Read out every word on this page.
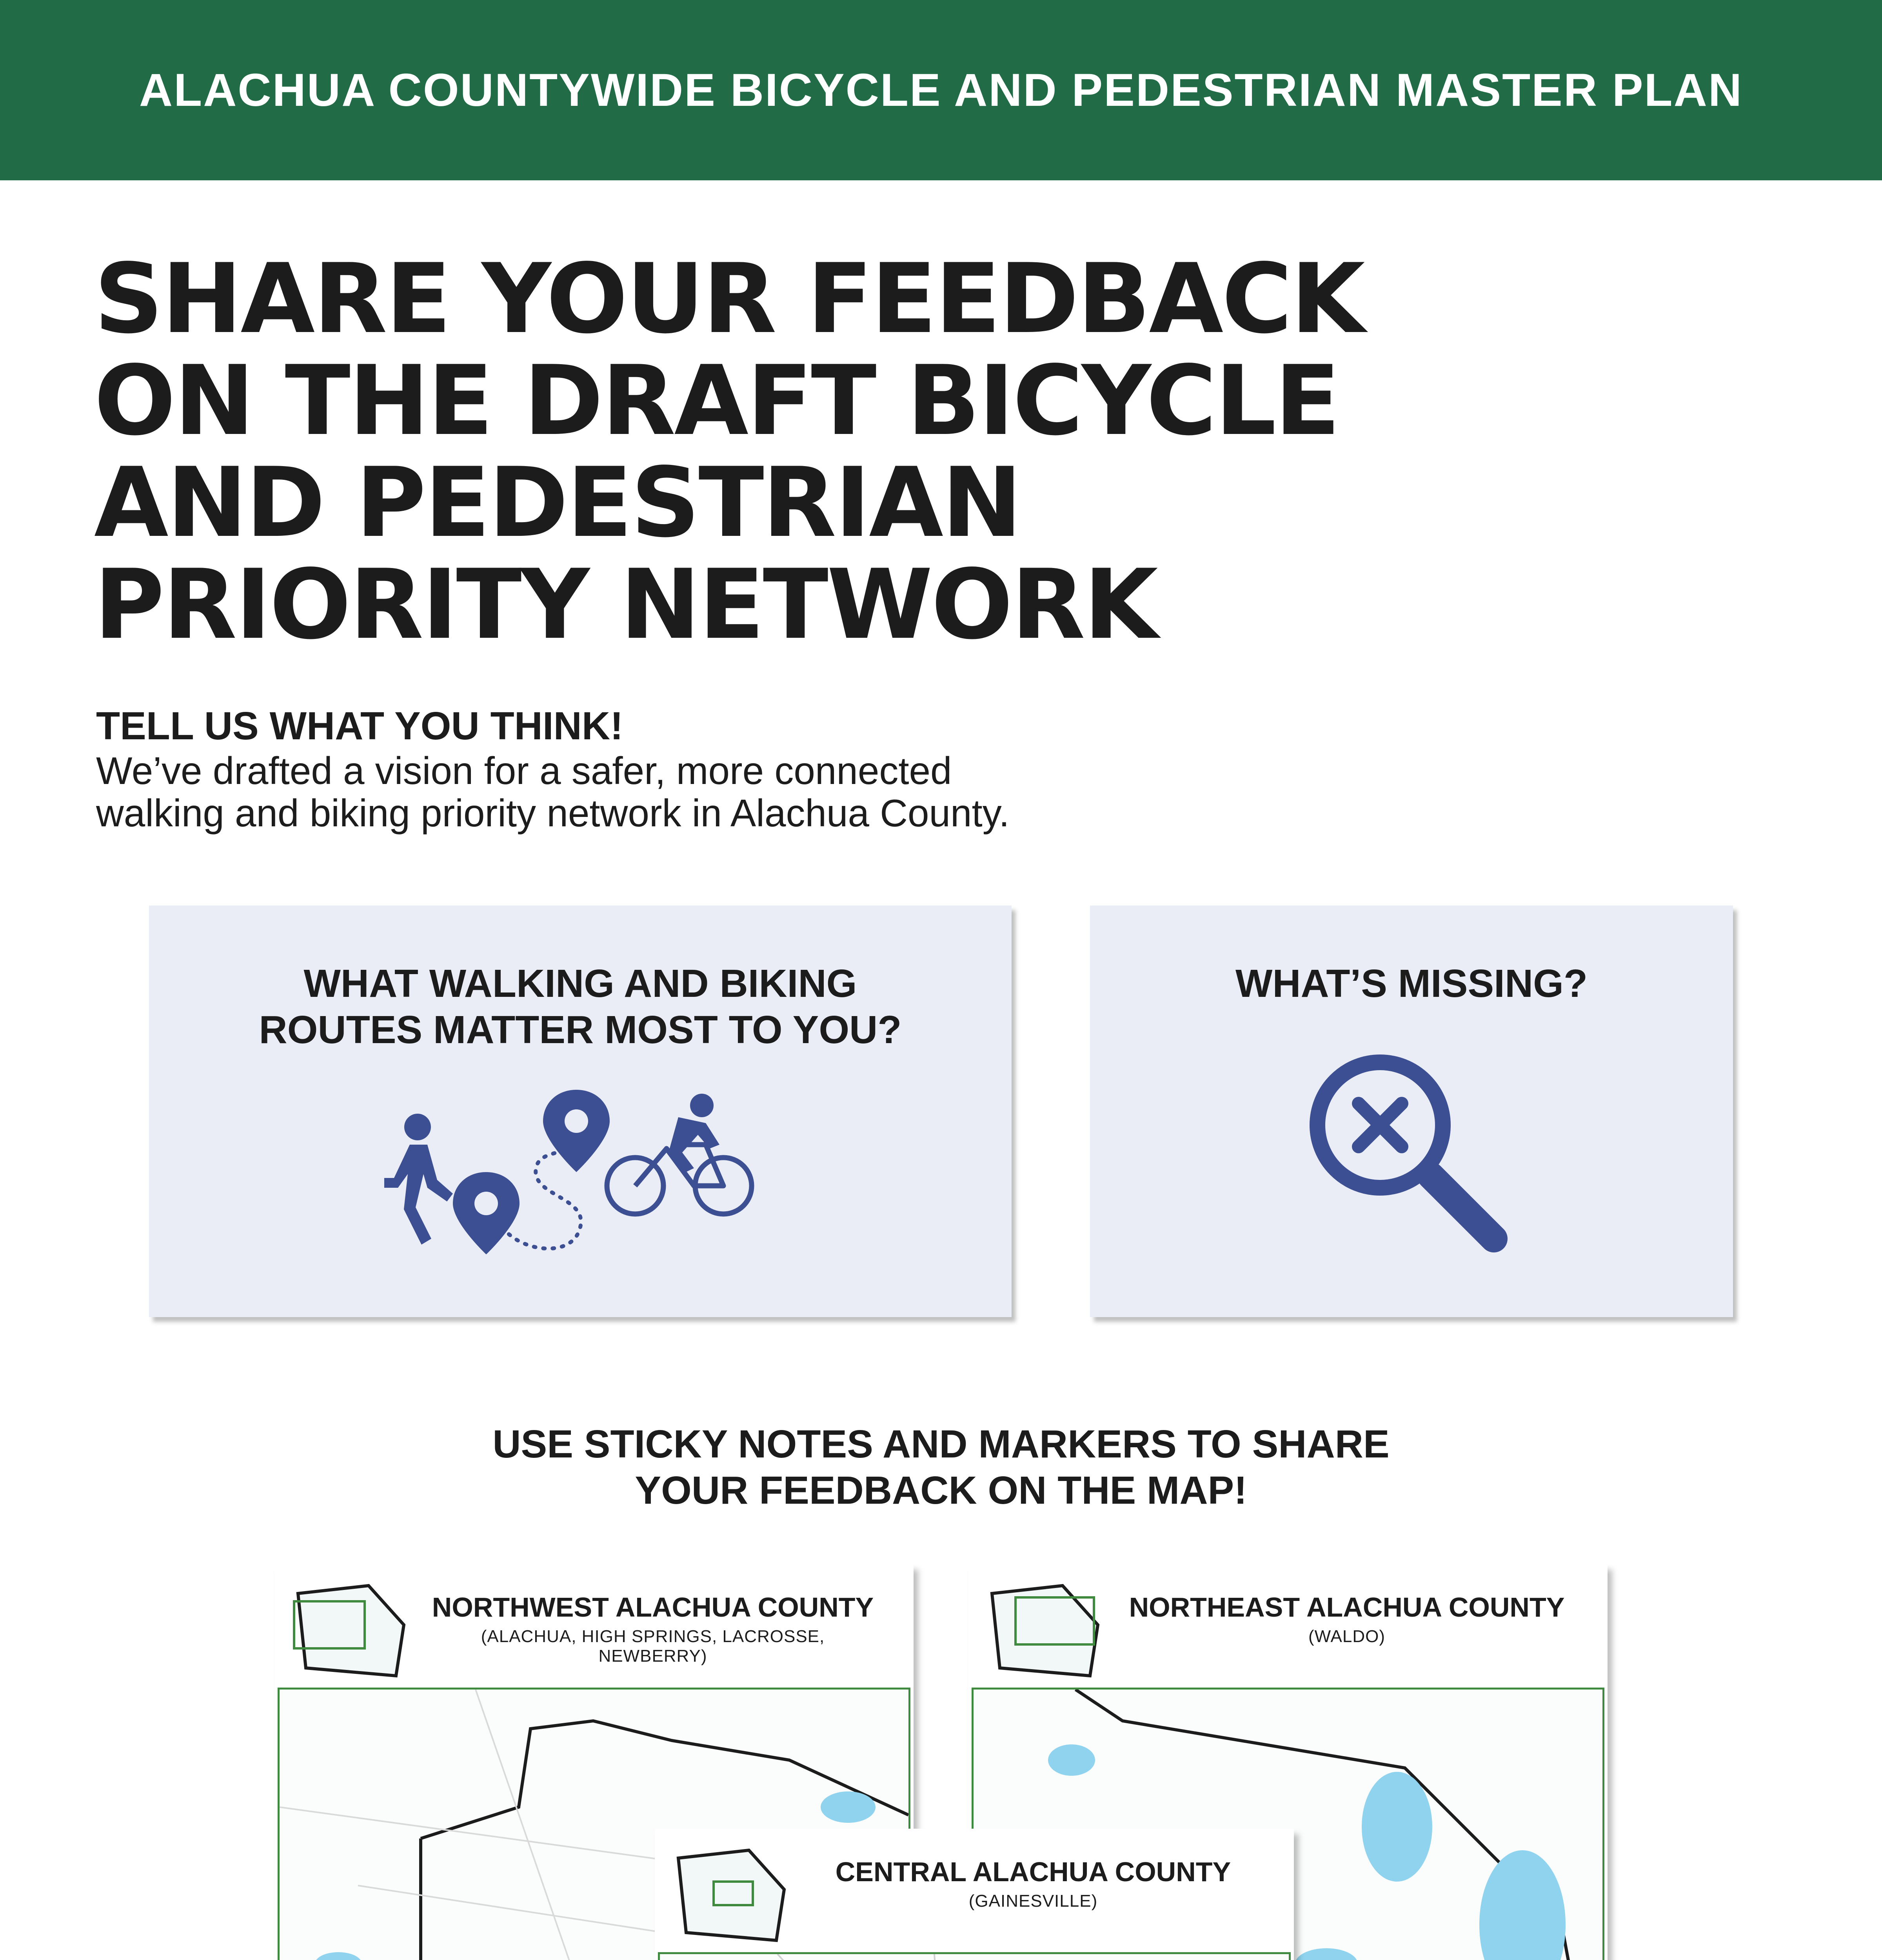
ALACHUA COUNTYWIDE BICYCLE AND PEDESTRIAN MASTER PLAN
SHARE YOUR FEEDBACK
ON THE DRAFT BICYCLE
AND PEDESTRIAN
PRIORITY NETWORK
TELL US WHAT YOU THINK!
We’ve drafted a vision for a safer, more connected
walking and biking priority network in Alachua County.
WHAT WALKING AND BIKING
ROUTES MATTER MOST TO YOU?
WHAT’S MISSING?
USE STICKY NOTES AND MARKERS TO SHARE
YOUR FEEDBACK ON THE MAP!
NORTHWEST ALACHUA COUNTY
(ALACHUA, HIGH SPRINGS, LACROSSE, NEWBERRY)
NORTHEAST ALACHUA COUNTY
(WALDO)
CENTRAL ALACHUA COUNTY
(GAINESVILLE)
